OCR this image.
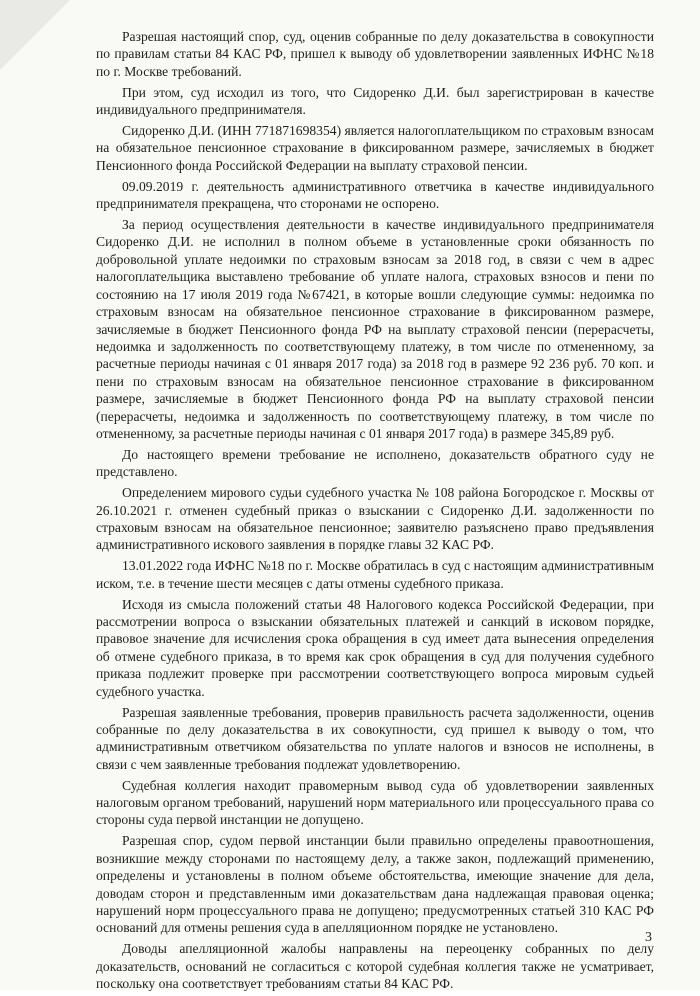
Разрешая настоящий спор, суд, оценив собранные по делу доказательства в совокупности по правилам статьи 84 КАС РФ, пришел к выводу об удовлетворении заявленных ИФНС №18 по г. Москве требований.

При этом, суд исходил из того, что Сидоренко Д.И. был зарегистрирован в качестве индивидуального предпринимателя.

Сидоренко Д.И. (ИНН 771871698354) является налогоплательщиком по страховым взносам на обязательное пенсионное страхование в фиксированном размере, зачисляемых в бюджет Пенсионного фонда Российской Федерации на выплату страховой пенсии.

09.09.2019 г. деятельность административного ответчика в качестве индивидуального предпринимателя прекращена, что сторонами не оспорено.

За период осуществления деятельности в качестве индивидуального предпринимателя Сидоренко Д.И. не исполнил в полном объеме в установленные сроки обязанность по добровольной уплате недоимки по страховым взносам за 2018 год, в связи с чем в адрес налогоплательщика выставлено требование об уплате налога, страховых взносов и пени по состоянию на 17 июля 2019 года №67421, в которые вошли следующие суммы: недоимка по страховым взносам на обязательное пенсионное страхование в фиксированном размере, зачисляемые в бюджет Пенсионного фонда РФ на выплату страховой пенсии (перерасчеты, недоимка и задолженность по соответствующему платежу, в том числе по отмененному, за расчетные периоды начиная с 01 января 2017 года) за 2018 год в размере 92 236 руб. 70 коп. и пени по страховым взносам на обязательное пенсионное страхование в фиксированном размере, зачисляемые в бюджет Пенсионного фонда РФ на выплату страховой пенсии (перерасчеты, недоимка и задолженность по соответствующему платежу, в том числе по отмененному, за расчетные периоды начиная с 01 января 2017 года) в размере 345,89 руб.

До настоящего времени требование не исполнено, доказательств обратного суду не представлено.

Определением мирового судьи судебного участка № 108 района Богородское г. Москвы от 26.10.2021 г. отменен судебный приказ о взыскании с Сидоренко Д.И. задолженности по страховым взносам на обязательное пенсионное; заявителю разъяснено право предъявления административного искового заявления в порядке главы 32 КАС РФ.

13.01.2022 года ИФНС №18 по г. Москве обратилась в суд с настоящим административным иском, т.е. в течение шести месяцев с даты отмены судебного приказа.

Исходя из смысла положений статьи 48 Налогового кодекса Российской Федерации, при рассмотрении вопроса о взыскании обязательных платежей и санкций в исковом порядке, правовое значение для исчисления срока обращения в суд имеет дата вынесения определения об отмене судебного приказа, в то время как срок обращения в суд для получения судебного приказа подлежит проверке при рассмотрении соответствующего вопроса мировым судьей судебного участка.

Разрешая заявленные требования, проверив правильность расчета задолженности, оценив собранные по делу доказательства в их совокупности, суд пришел к выводу о том, что административным ответчиком обязательства по уплате налогов и взносов не исполнены, в связи с чем заявленные требования подлежат удовлетворению.

Судебная коллегия находит правомерным вывод суда об удовлетворении заявленных налоговым органом требований, нарушений норм материального или процессуального права со стороны суда первой инстанции не допущено.

Разрешая спор, судом первой инстанции были правильно определены правоотношения, возникшие между сторонами по настоящему делу, а также закон, подлежащий применению, определены и установлены в полном объеме обстоятельства, имеющие значение для дела, доводам сторон и представленным ими доказательствам дана надлежащая правовая оценка; нарушений норм процессуального права не допущено; предусмотренных статьей 310 КАС РФ оснований для отмены решения суда в апелляционном порядке не установлено.

Доводы апелляционной жалобы направлены на переоценку собранных по делу доказательств, оснований не согласиться с которой судебная коллегия также не усматривает, поскольку она соответствует требованиям статьи 84 КАС РФ.

3
